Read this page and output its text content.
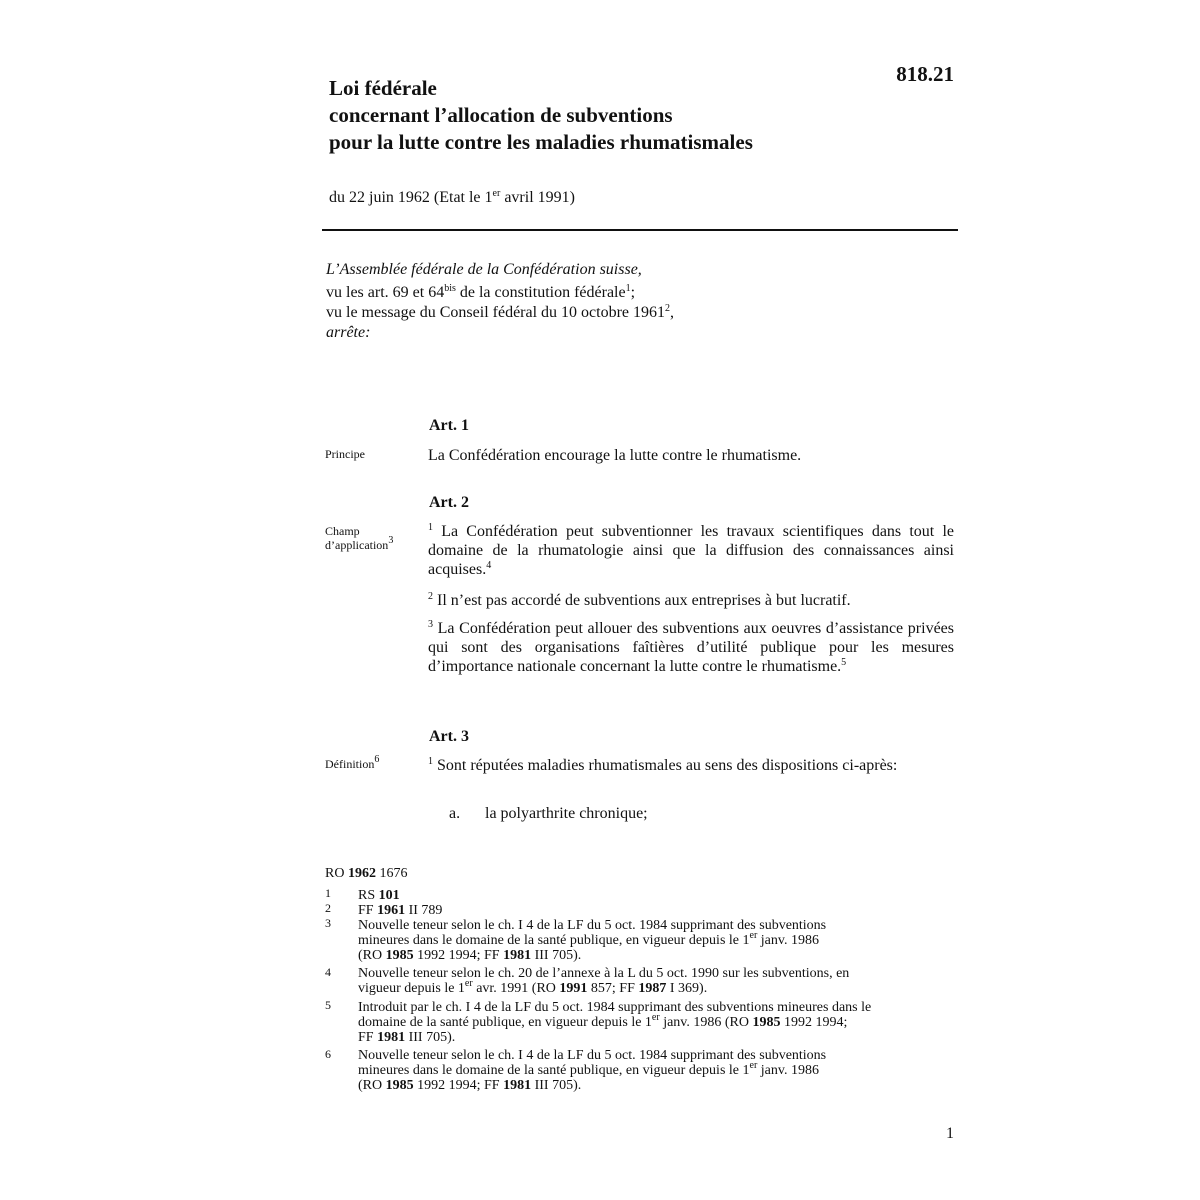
818.21
Loi fédérale
concernant l’allocation de subventions
pour la lutte contre les maladies rhumatismales
du 22 juin 1962 (Etat le 1er avril 1991)
L’Assemblée fédérale de la Confédération suisse,
vu les art. 69 et $64^{bis}$ de la constitution fédérale$^1$;
vu le message du Conseil fédéral du 10 octobre 1961$^2$,
arrête:
Art. 1
Principe	La Confédération encourage la lutte contre le rhumatisme.
Art. 2
Champ
d’application$^3$
$^1$ La Confédération peut subventionner les travaux scientifiques dans tout le domaine de la rhumatologie ainsi que la diffusion des connaissances ainsi acquises.$^4$
$^2$ Il n’est pas accordé de subventions aux entreprises à but lucratif.
$^3$ La Confédération peut allouer des subventions aux oeuvres d’assistance privées qui sont des organisations faîtières d’utilité publique pour les mesures d’importance nationale concernant la lutte contre le rhumatisme.$^5$
Art. 3
Définition$^6$	$^1$ Sont réputées maladies rhumatismales au sens des dispositions ci-après:
a. la polyarthrite chronique;
RO 1962 1676
1 RS 101
2 FF 1961 II 789
3 Nouvelle teneur selon le ch. I 4 de la LF du 5 oct. 1984 supprimant des subventions
mineures dans le domaine de la santé publique, en vigueur depuis le 1er janv. 1986
(RO 1985 1992 1994; FF 1981 III 705).
4 Nouvelle teneur selon le ch. 20 de l’annexe à la L du 5 oct. 1990 sur les subventions, en
vigueur depuis le 1er avr. 1991 (RO 1991 857; FF 1987 I 369).
5 Introduit par le ch. I 4 de la LF du 5 oct. 1984 supprimant des subventions mineures dans le
domaine de la santé publique, en vigueur depuis le 1er janv. 1986 (RO 1985 1992 1994;
FF 1981 III 705).
6 Nouvelle teneur selon le ch. I 4 de la LF du 5 oct. 1984 supprimant des subventions
mineures dans le domaine de la santé publique, en vigueur depuis le 1er janv. 1986
(RO 1985 1992 1994; FF 1981 III 705).
1
